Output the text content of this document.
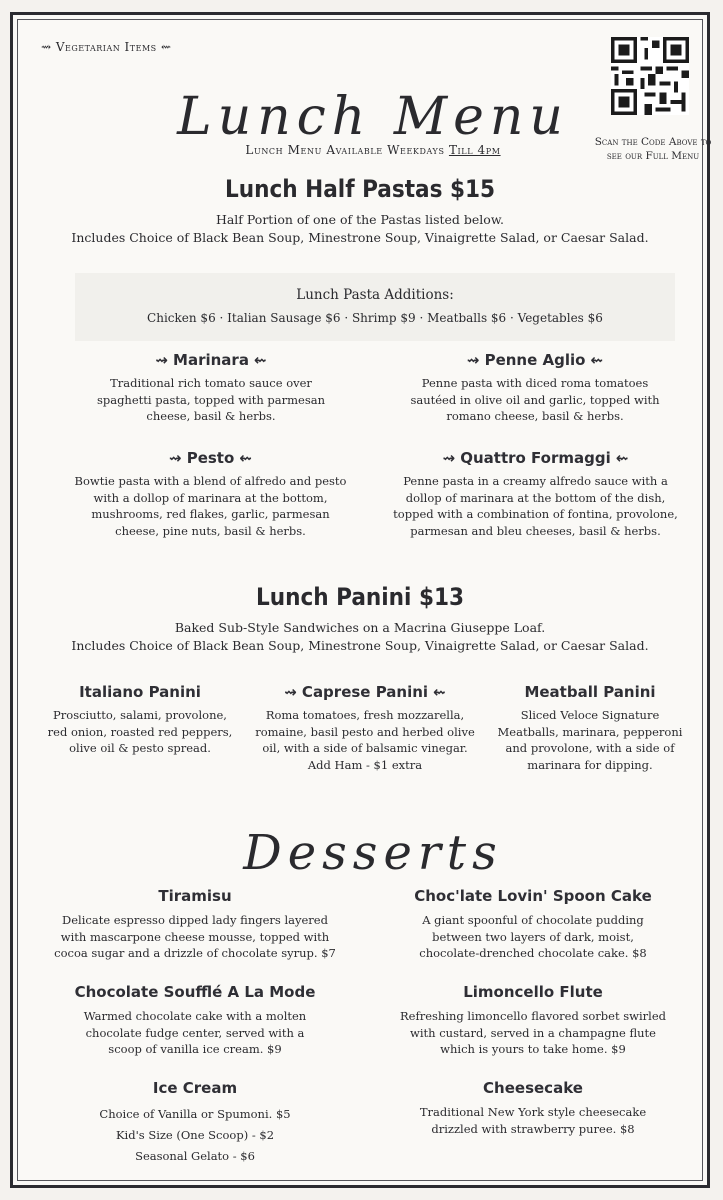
⇝ Vegetarian Items ⇜
Scan the Code Above to see our Full Menu
Lunch Menu
Lunch Menu Available Weekdays Till 4pm
Lunch Half Pastas $15
Half Portion of one of the Pastas listed below.
Includes Choice of Black Bean Soup, Minestrone Soup, Vinaigrette Salad, or Caesar Salad.
Lunch Pasta Additions:
Chicken $6 · Italian Sausage $6 · Shrimp $9 · Meatballs $6 · Vegetables $6
⇝ Marinara ⇜
Traditional rich tomato sauce over
spaghetti pasta, topped with parmesan
cheese, basil & herbs.
⇝ Penne Aglio ⇜
Penne pasta with diced roma tomatoes
sautéed in olive oil and garlic, topped with
romano cheese, basil & herbs.
⇝ Pesto ⇜
Bowtie pasta with a blend of alfredo and pesto
with a dollop of marinara at the bottom,
mushrooms, red flakes, garlic, parmesan
cheese, pine nuts, basil & herbs.
⇝ Quattro Formaggi ⇜
Penne pasta in a creamy alfredo sauce with a
dollop of marinara at the bottom of the dish,
topped with a combination of fontina, provolone,
parmesan and bleu cheeses, basil & herbs.
Lunch Panini $13
Baked Sub-Style Sandwiches on a Macrina Giuseppe Loaf.
Includes Choice of Black Bean Soup, Minestrone Soup, Vinaigrette Salad, or Caesar Salad.
Italiano Panini
Prosciutto, salami, provolone,
red onion, roasted red peppers,
olive oil & pesto spread.
⇝ Caprese Panini ⇜
Roma tomatoes, fresh mozzarella,
romaine, basil pesto and herbed olive
oil, with a side of balsamic vinegar.
Add Ham - $1 extra
Meatball Panini
Sliced Veloce Signature
Meatballs, marinara, pepperoni
and provolone, with a side of
marinara for dipping.
Desserts
Tiramisu
Delicate espresso dipped lady fingers layered
with mascarpone cheese mousse, topped with
cocoa sugar and a drizzle of chocolate syrup. $7
Choc'late Lovin' Spoon Cake
A giant spoonful of chocolate pudding
between two layers of dark, moist,
chocolate-drenched chocolate cake. $8
Chocolate Soufflé A La Mode
Warmed chocolate cake with a molten
chocolate fudge center, served with a
scoop of vanilla ice cream. $9
Limoncello Flute
Refreshing limoncello flavored sorbet swirled
with custard, served in a champagne flute
which is yours to take home. $9
Ice Cream
Choice of Vanilla or Spumoni. $5
Kid's Size (One Scoop) - $2
Seasonal Gelato - $6
Cheesecake
Traditional New York style cheesecake
drizzled with strawberry puree. $8
